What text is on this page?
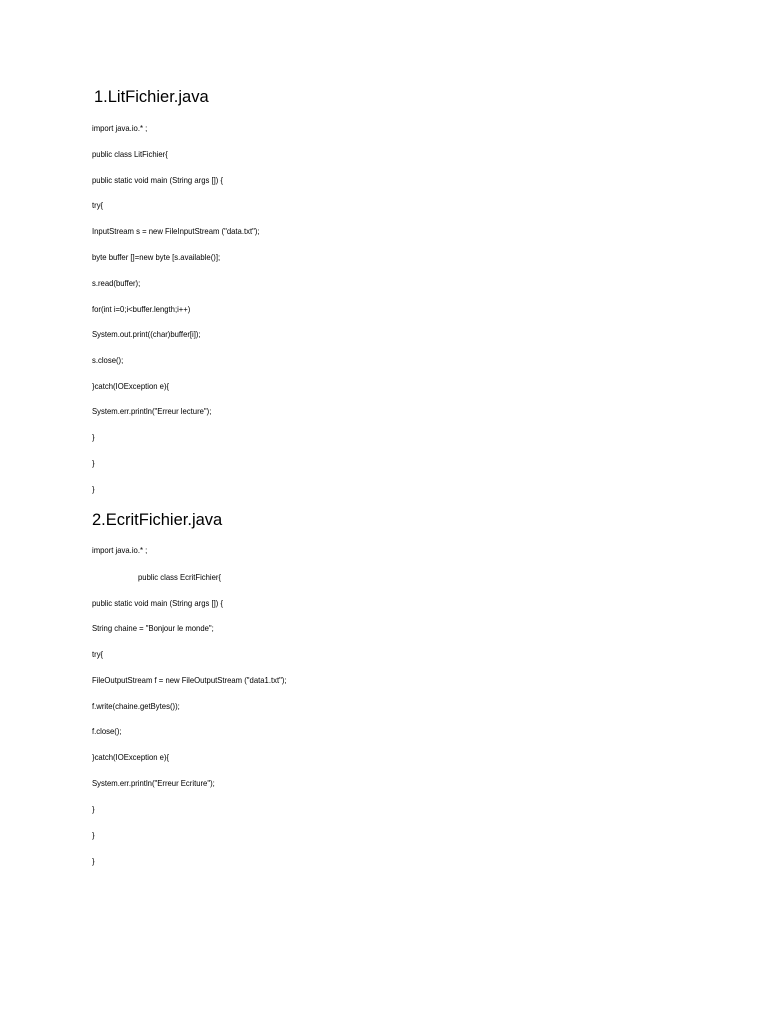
1.LitFichier.java
import java.io.* ;
public class LitFichier{
public static void main (String args []) {
try{
InputStream s = new FileInputStream ("data.txt");
byte buffer []=new byte [s.available()];
s.read(buffer);
for(int i=0;i<buffer.length;i++)
System.out.print((char)buffer[i]);
s.close();
}catch(IOException e){
System.err.println("Erreur lecture");
}
}
}
2.EcritFichier.java
import java.io.* ;
public class EcritFichier{
public static void main (String args []) {
String chaine = "Bonjour le monde";
try{
FileOutputStream f = new FileOutputStream ("data1.txt");
f.write(chaine.getBytes());
f.close();
}catch(IOException e){
System.err.println("Erreur Ecriture");
}
}
}
